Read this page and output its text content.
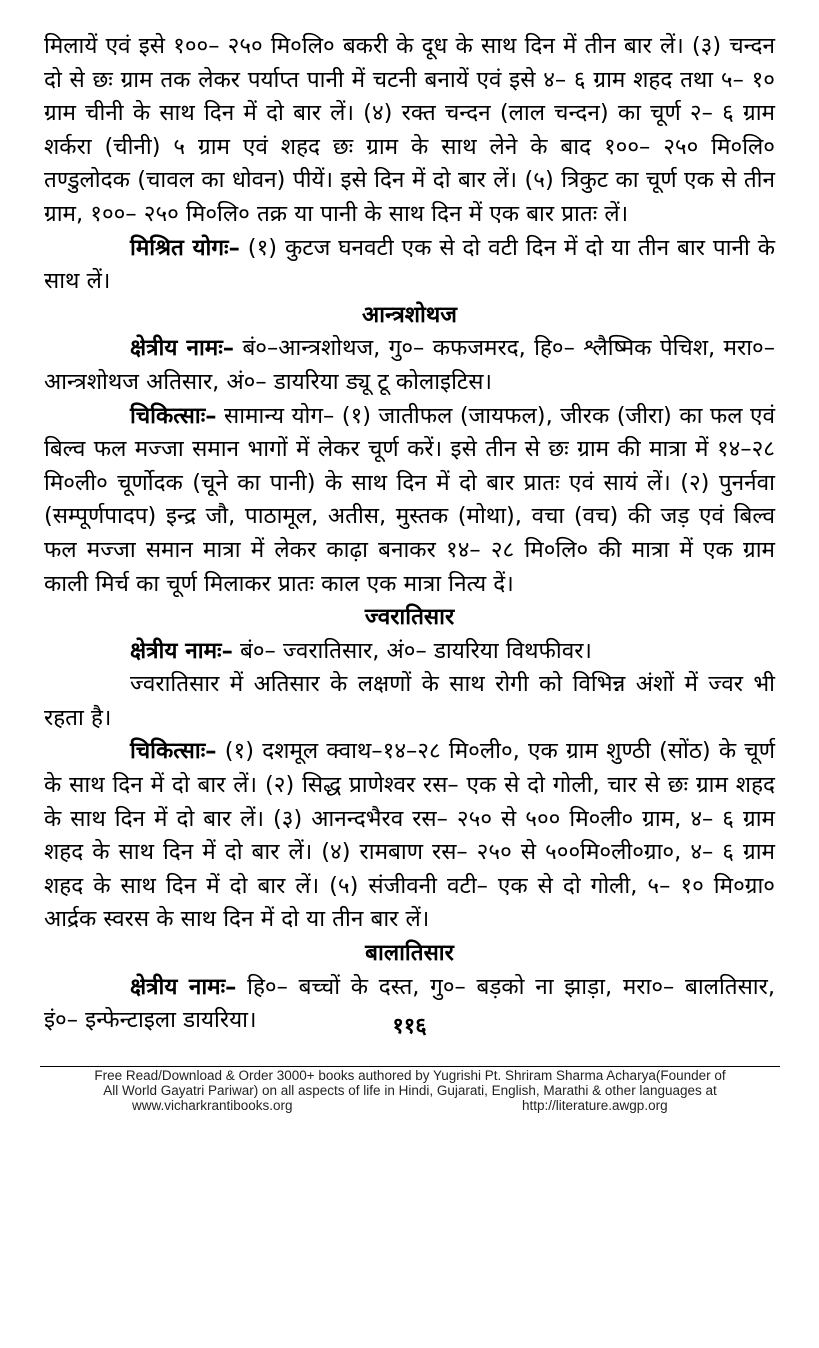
मिलायें एवं इसे १००– २५० मि०लि० बकरी के दूध के साथ दिन में तीन बार लें। (३) चन्दन दो से छः ग्राम तक लेकर पर्याप्त पानी में चटनी बनायें एवं इसे ४– ६ ग्राम शहद तथा ५– १० ग्राम चीनी के साथ दिन में दो बार लें। (४) रक्त चन्दन (लाल चन्दन) का चूर्ण २– ६ ग्राम शर्करा (चीनी) ५ ग्राम एवं शहद छः ग्राम के साथ लेने के बाद १००– २५० मि०लि० तण्डुलोदक (चावल का धोवन) पीयें। इसे दिन में दो बार लें। (५) त्रिकुट का चूर्ण एक से तीन ग्राम, १००– २५० मि०लि० तक्र या पानी के साथ दिन में एक बार प्रातः लें।

मिश्रित योगः– (१) कुटज घनवटी एक से दो वटी दिन में दो या तीन बार पानी के साथ लें।

आन्त्रशोथज

क्षेत्रीय नामः– बं०–आन्त्रशोथज, गु०– कफजमरद, हि०– श्लैष्मिक पेचिश, मरा०– आन्त्रशोथज अतिसार, अं०– डायरिया ड्यू टू कोलाइटिस।

चिकित्साः– सामान्य योग– (१) जातीफल (जायफल), जीरक (जीरा) का फल एवं बिल्व फल मज्जा समान भागों में लेकर चूर्ण करें। इसे तीन से छः ग्राम की मात्रा में १४–२८ मि०ली० चूर्णोदक (चूने का पानी) के साथ दिन में दो बार प्रातः एवं सायं लें। (२) पुनर्नवा (सम्पूर्णपादप) इन्द्र जौ, पाठामूल, अतीस, मुस्तक (मोथा), वचा (वच) की जड़ एवं बिल्व फल मज्जा समान मात्रा में लेकर काढ़ा बनाकर १४– २८ मि०लि० की मात्रा में एक ग्राम काली मिर्च का चूर्ण मिलाकर प्रातः काल एक मात्रा नित्य दें।

ज्वरातिसार

क्षेत्रीय नामः– बं०– ज्वरातिसार, अं०– डायरिया विथफीवर।

ज्वरातिसार में अतिसार के लक्षणों के साथ रोगी को विभिन्न अंशों में ज्वर भी रहता है।

चिकित्साः– (१) दशमूल क्वाथ–१४–२८ मि०ली०, एक ग्राम शुण्ठी (सोंठ) के चूर्ण के साथ दिन में दो बार लें। (२) सिद्ध प्राणेश्वर रस– एक से दो गोली, चार से छः ग्राम शहद के साथ दिन में दो बार लें। (३) आनन्दभैरव रस– २५० से ५०० मि०ली० ग्राम, ४– ६ ग्राम शहद के साथ दिन में दो बार लें। (४) रामबाण रस– २५० से ५००मि०ली०ग्रा०, ४– ६ ग्राम शहद के साथ दिन में दो बार लें। (५) संजीवनी वटी– एक से दो गोली, ५– १० मि०ग्रा० आर्द्रक स्वरस के साथ दिन में दो या तीन बार लें।

बालातिसार

क्षेत्रीय नामः– हि०– बच्चों के दस्त, गु०– बड़को ना झाड़ा, मरा०– बालतिसार, इं०– इन्फेन्टाइला डायरिया।	११६
Free Read/Download & Order 3000+ books authored by Yugrishi Pt. Shriram Sharma Acharya(Founder of
All World Gayatri Pariwar) on all aspects of life in Hindi, Gujarati, English, Marathi & other languages at
www.vicharkrantibooks.org	http://literature.awgp.org
